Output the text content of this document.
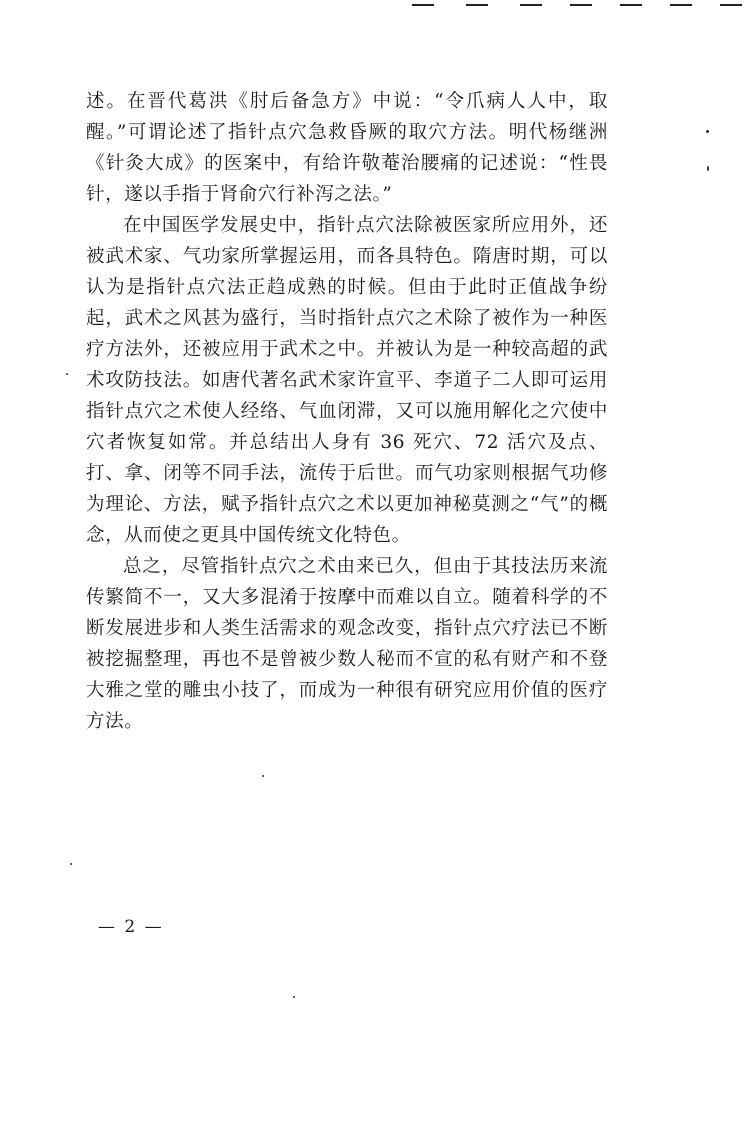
述。在晋代葛洪《肘后备急方》中说：“令爪病人人中，取醒。”可谓论述了指针点穴急救昏厥的取穴方法。明代杨继洲《针灸大成》的医案中，有给许敬菴治腰痛的记述说：“性畏针，遂以手指于肾俞穴行补泻之法。”

在中国医学发展史中，指针点穴法除被医家所应用外，还被武术家、气功家所掌握运用，而各具特色。隋唐时期，可以认为是指针点穴法正趋成熟的时候。但由于此时正值战争纷起，武术之风甚为盛行，当时指针点穴之术除了被作为一种医疗方法外，还被应用于武术之中。并被认为是一种较高超的武术攻防技法。如唐代著名武术家许宣平、李道子二人即可运用指针点穴之术使人经络、气血闭滞，又可以施用解化之穴使中穴者恢复如常。并总结出人身有 36 死穴、72 活穴及点、打、拿、闭等不同手法，流传于后世。而气功家则根据气功修为理论、方法，赋予指针点穴之术以更加神秘莫测之“气”的概念，从而使之更具中国传统文化特色。

总之，尽管指针点穴之术由来已久，但由于其技法历来流传繁简不一，又大多混淆于按摩中而难以自立。随着科学的不断发展进步和人类生活需求的观念改变，指针点穴疗法已不断被挖掘整理，再也不是曾被少数人秘而不宣的私有财产和不登大雅之堂的雕虫小技了，而成为一种很有研究应用价值的医疗方法。

— 2 —
